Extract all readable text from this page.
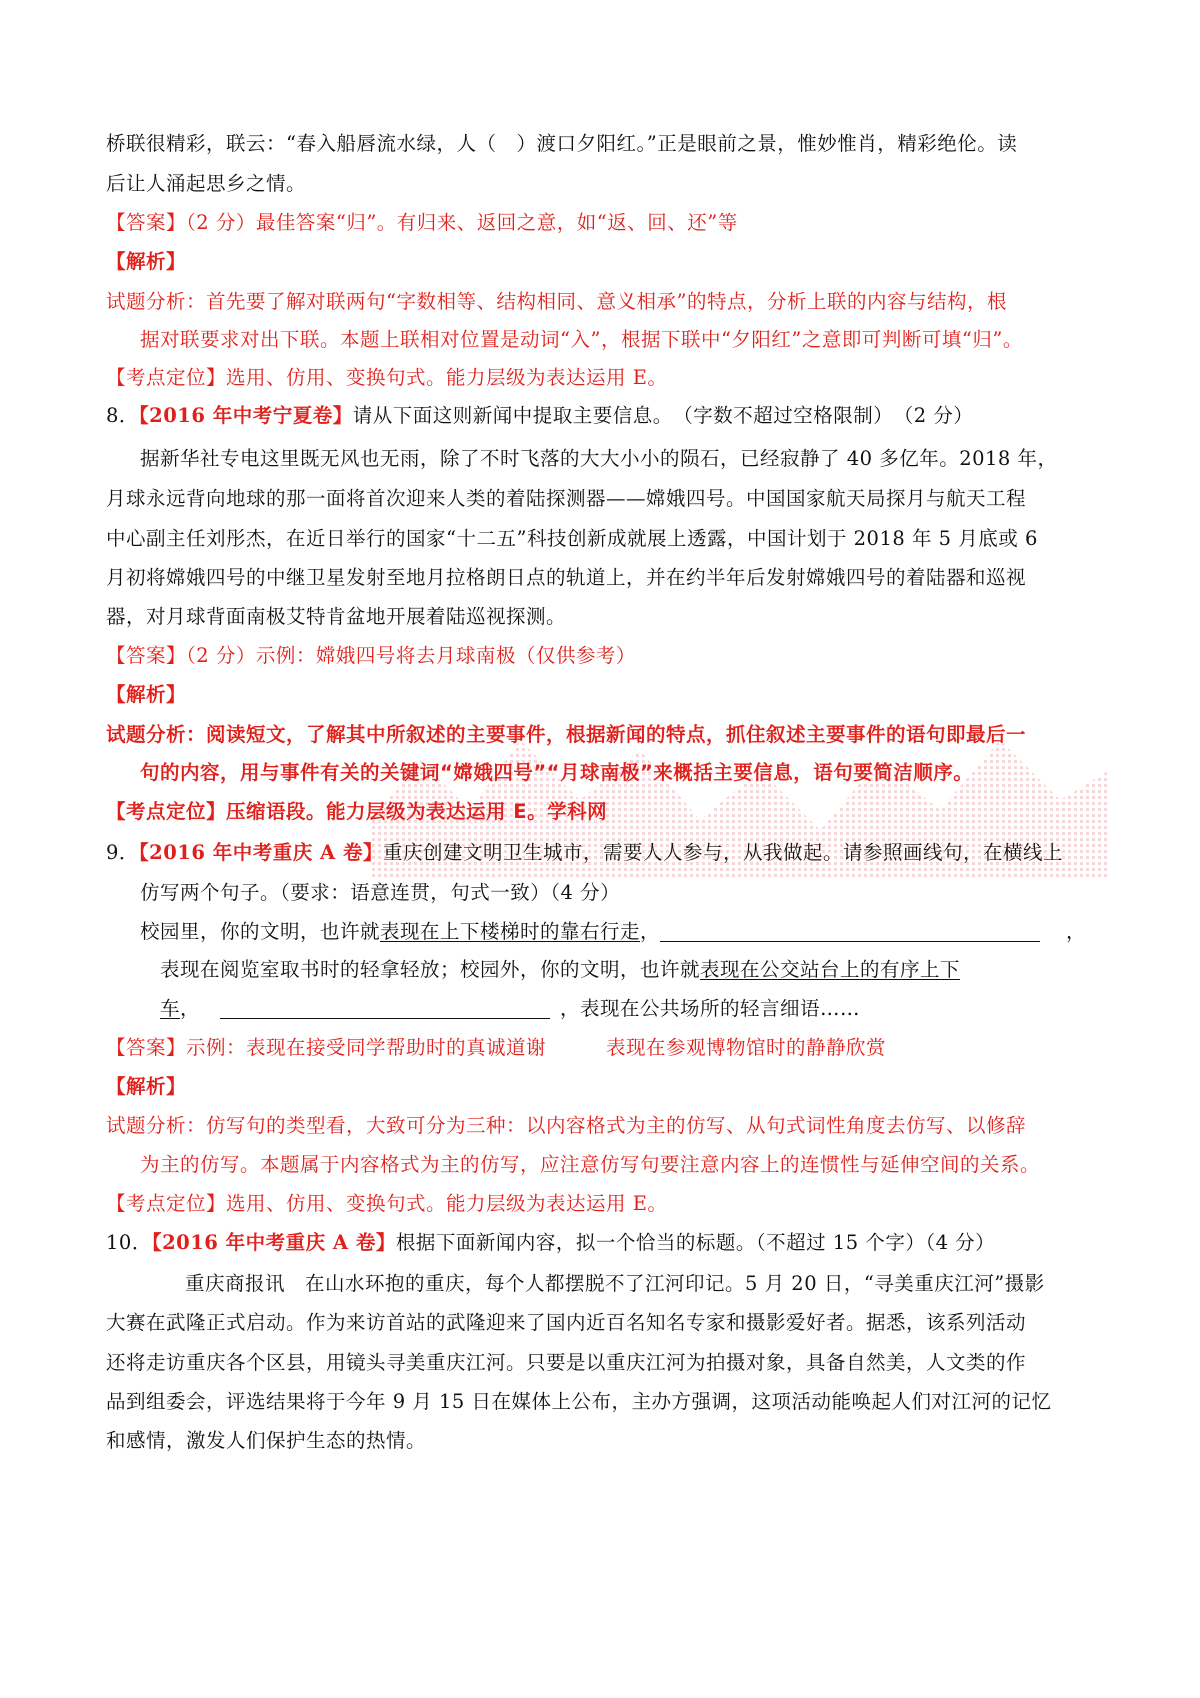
桥联很精彩，联云：“春入船唇流水绿，人（　）渡口夕阳红。”正是眼前之景，惟妙惟肖，精彩绝伦。读
后让人涌起思乡之情。
【答案】（2 分）最佳答案“归”。有归来、返回之意，如“返、回、还”等
【解析】
试题分析：首先要了解对联两句“字数相等、结构相同、意义相承”的特点，分析上联的内容与结构，根
据对联要求对出下联。本题上联相对位置是动词“入”，根据下联中“夕阳红”之意即可判断可填“归”。
【考点定位】选用、仿用、变换句式。能力层级为表达运用 E。
8．【2016 年中考宁夏卷】请从下面这则新闻中提取主要信息。　（字数不超过空格限制）　（2 分）
据新华社专电这里既无风也无雨，除了不时飞落的大大小小的陨石，已经寂静了 40 多亿年。2018 年，
月球永远背向地球的那一面将首次迎来人类的着陆探测器——嫦娥四号。中国国家航天局探月与航天工程
中心副主任刘彤杰，在近日举行的国家“十二五”科技创新成就展上透露，中国计划于 2018 年 5 月底或 6
月初将嫦娥四号的中继卫星发射至地月拉格朗日点的轨道上，并在约半年后发射嫦娥四号的着陆器和巡视
器，对月球背面南极艾特肯盆地开展着陆巡视探测。
【答案】（2 分）示例：嫦娥四号将去月球南极（仅供参考）
【解析】
试题分析：阅读短文，了解其中所叙述的主要事件，根据新闻的特点，抓住叙述主要事件的语句即最后一
句的内容，用与事件有关的关键词“嫦娥四号”“月球南极”来概括主要信息，语句要简洁顺序。
【考点定位】压缩语段。能力层级为表达运用 E。学科网
9．【2016 年中考重庆 A 卷】重庆创建文明卫生城市，需要人人参与，从我做起。请参照画线句，在横线上
仿写两个句子。（要求：语意连贯，句式一致）（4 分）
校园里，你的文明，也许就表现在上下楼梯时的靠右行走，	，
表现在阅览室取书时的轻拿轻放；校园外，你的文明，也许就表现在公交站台上的有序上下
车，	，表现在公共场所的轻言细语……
【答案】示例：表现在接受同学帮助时的真诚道谢　　　表现在参观博物馆时的静静欣赏
【解析】
试题分析：仿写句的类型看，大致可分为三种：以内容格式为主的仿写、从句式词性角度去仿写、以修辞
为主的仿写。本题属于内容格式为主的仿写，应注意仿写句要注意内容上的连惯性与延伸空间的关系。
【考点定位】选用、仿用、变换句式。能力层级为表达运用 E。
10．【2016 年中考重庆 A 卷】根据下面新闻内容，拟一个恰当的标题。（不超过 15 个字）（4 分）
重庆商报讯　在山水环抱的重庆，每个人都摆脱不了江河印记。5 月 20 日，“寻美重庆江河”摄影
大赛在武隆正式启动。作为来访首站的武隆迎来了国内近百名知名专家和摄影爱好者。据悉，该系列活动
还将走访重庆各个区县，用镜头寻美重庆江河。只要是以重庆江河为拍摄对象，具备自然美，人文类的作
品到组委会，评选结果将于今年 9 月 15 日在媒体上公布，主办方强调，这项活动能唤起人们对江河的记忆
和感情，激发人们保护生态的热情。
